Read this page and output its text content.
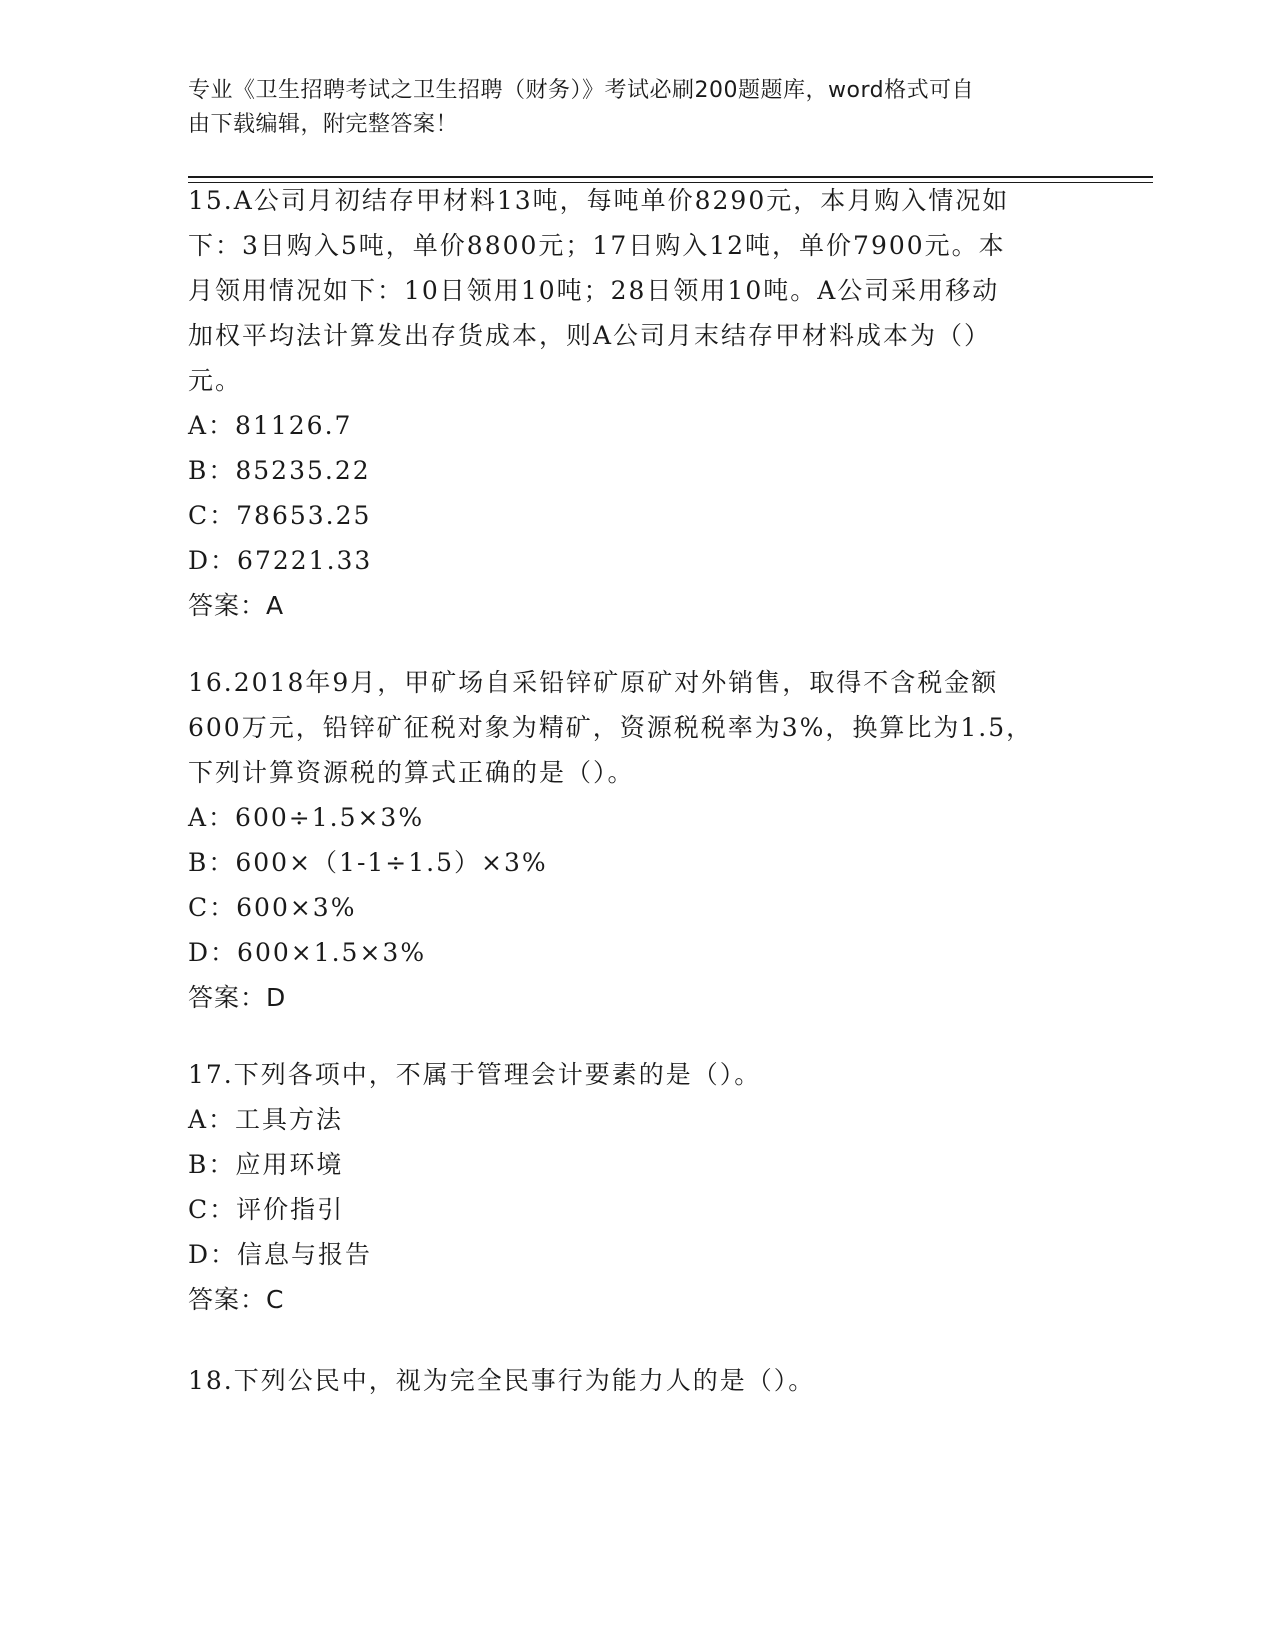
专业《卫生招聘考试之卫生招聘（财务）》考试必刷200题题库，word格式可自
由下载编辑，附完整答案！
15.A公司月初结存甲材料13吨，每吨单价8290元，本月购入情况如
下：3日购入5吨，单价8800元；17日购入12吨，单价7900元。本
月领用情况如下：10日领用10吨；28日领用10吨。A公司采用移动
加权平均法计算发出存货成本，则A公司月末结存甲材料成本为（）
元。
A：81126.7
B：85235.22
C：78653.25
D：67221.33
答案：A
16.2018年9月，甲矿场自采铅锌矿原矿对外销售，取得不含税金额
600万元，铅锌矿征税对象为精矿，资源税税率为3%，换算比为1.5，
下列计算资源税的算式正确的是（）。
A：600÷1.5×3%
B：600×（1-1÷1.5）×3%
C：600×3%
D：600×1.5×3%
答案：D
17.下列各项中，不属于管理会计要素的是（）。
A：工具方法
B：应用环境
C：评价指引
D：信息与报告
答案：C
18.下列公民中，视为完全民事行为能力人的是（）。
